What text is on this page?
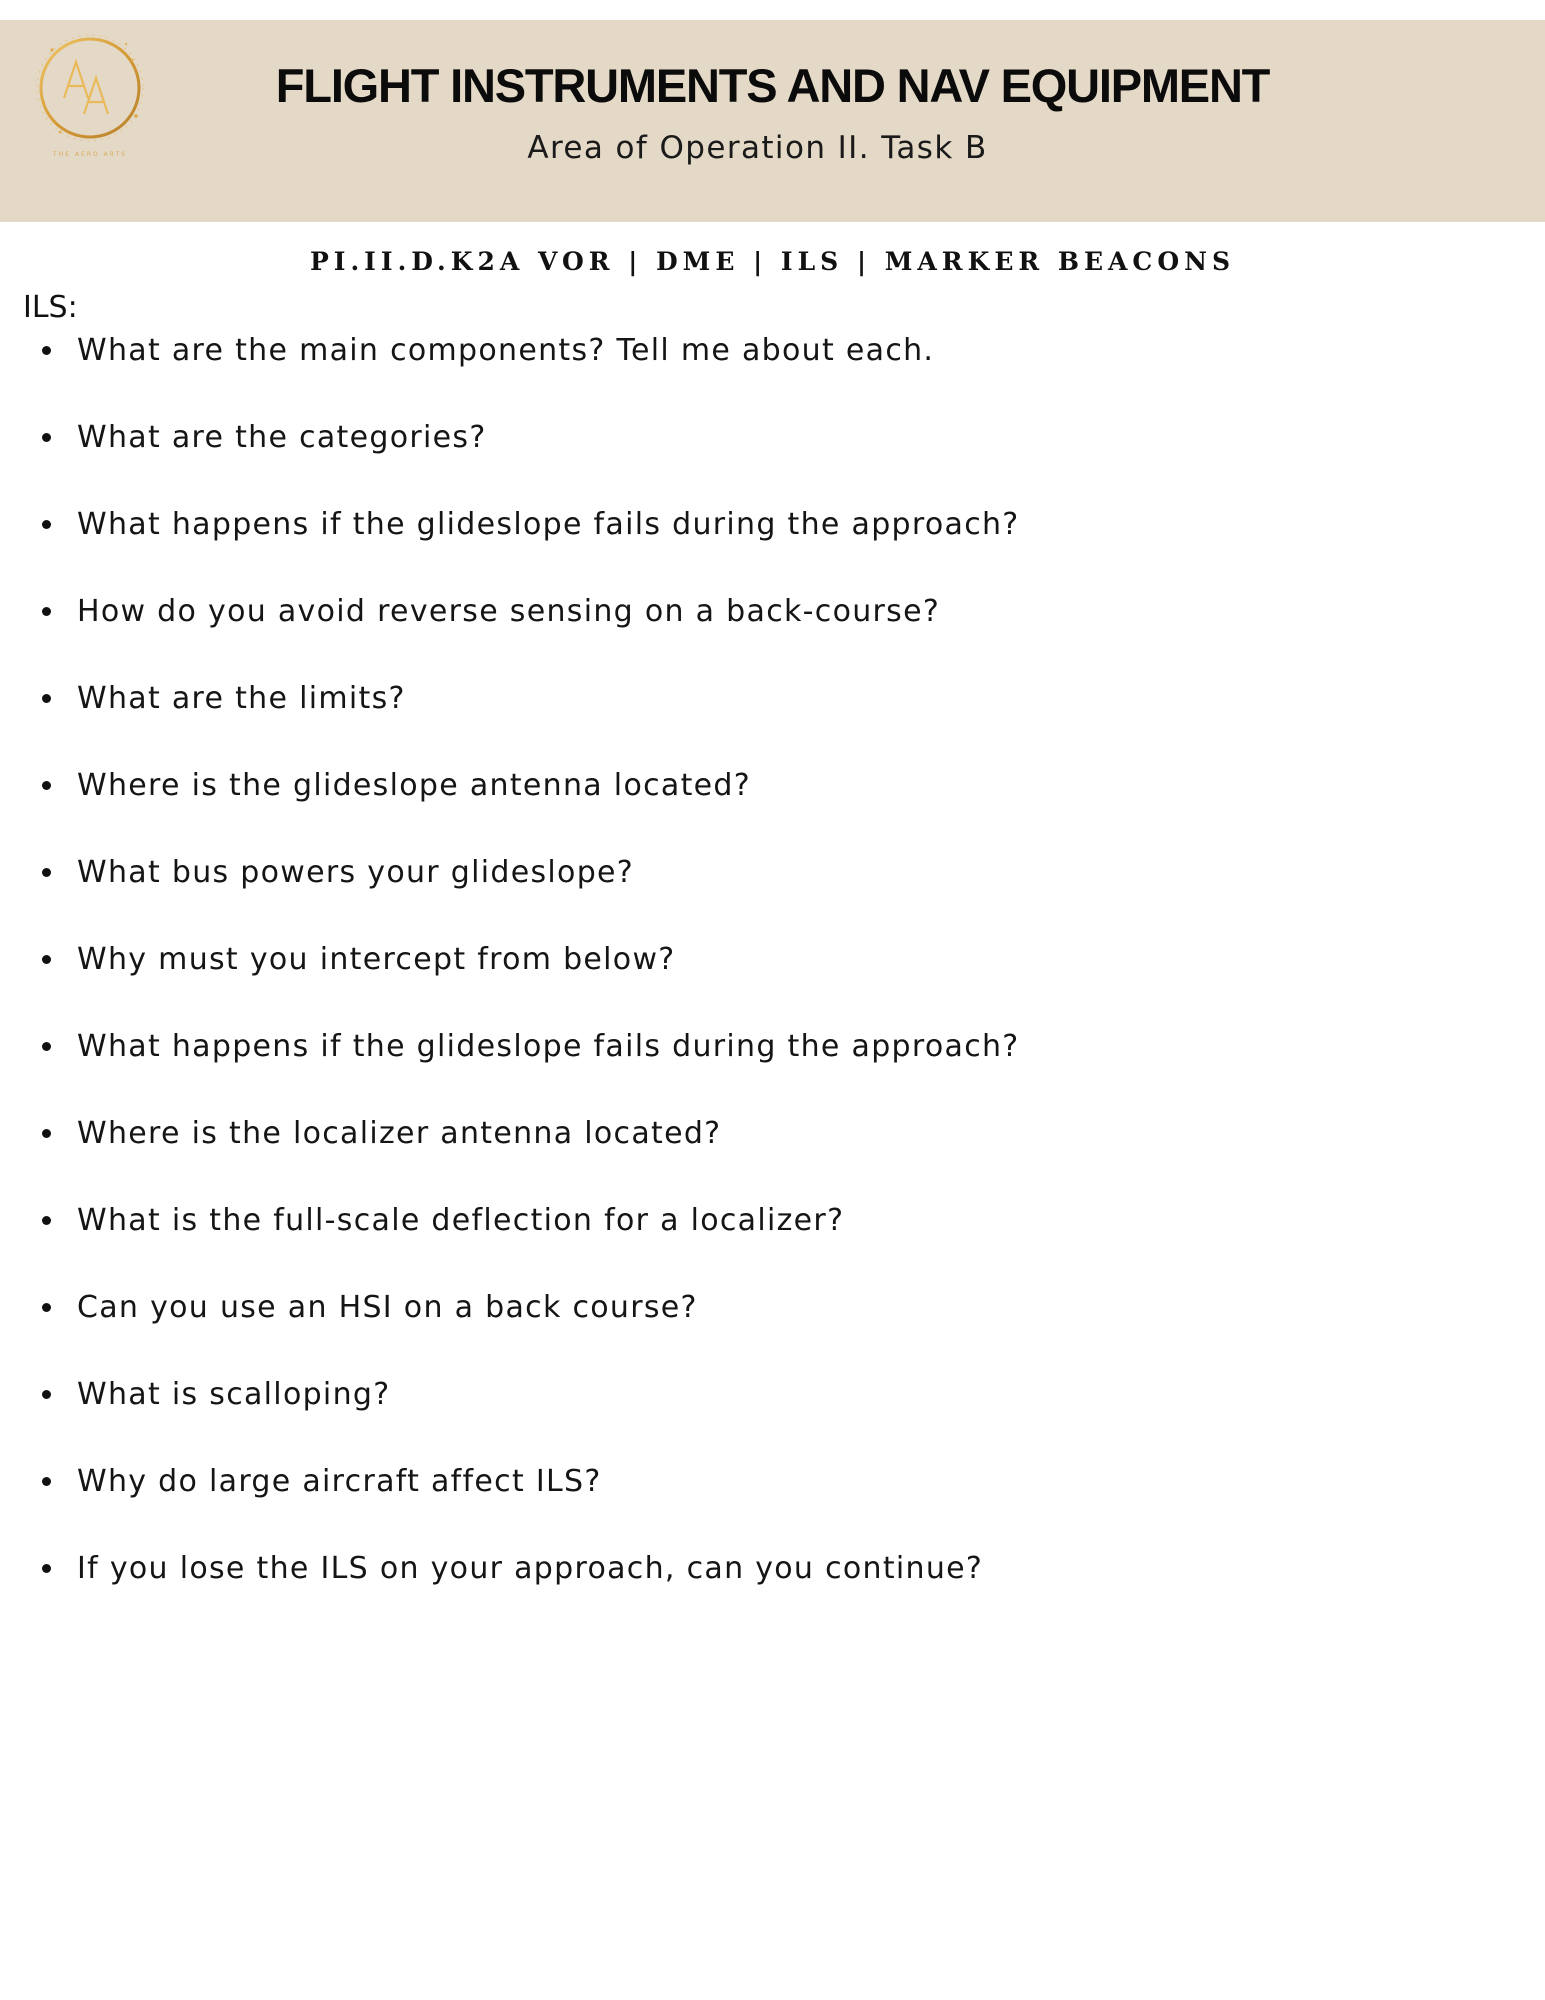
THE AERO ARTS
FLIGHT INSTRUMENTS AND NAV EQUIPMENT

Area of Operation II. Task B

PI.II.D.K2A VOR | DME | ILS | MARKER BEACONS

ILS:

What are the main components? Tell me about each.
What are the categories?
What happens if the glideslope fails during the approach?
How do you avoid reverse sensing on a back-course?
What are the limits?
Where is the glideslope antenna located?
What bus powers your glideslope?
Why must you intercept from below?
What happens if the glideslope fails during the approach?
Where is the localizer antenna located?
What is the full-scale deflection for a localizer?
Can you use an HSI on a back course?
What is scalloping?
Why do large aircraft affect ILS?
If you lose the ILS on your approach, can you continue?
